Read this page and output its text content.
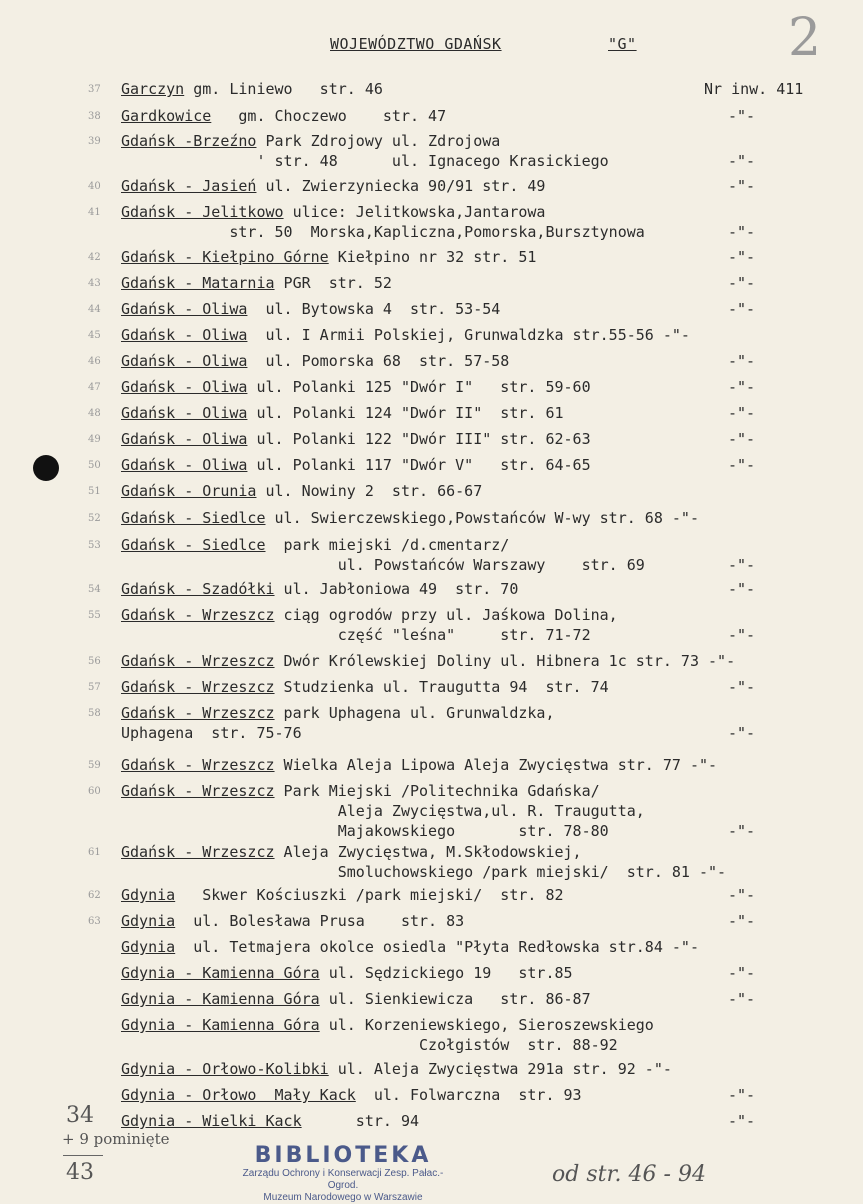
WOJEWÓDZTWO GDAŃSK	"G"	2
37 Garczyn gm. Liniewo   str. 46	Nr inw. 411
38 Gardkowice   gm. Choczewo    str. 47	-"-
39 Gdańsk -Brzeźno Park Zdrojowy ul. Zdrojowa
' str. 48      ul. Ignacego Krasickiego	-"-
40 Gdańsk - Jasień ul. Zwierzyniecka 90/91 str. 49	-"-
41 Gdańsk - Jelitkowo ulice: Jelitkowska,Jantarowa
str. 50  Morska,Kapliczna,Pomorska,Bursztynowa	-"-
42 Gdańsk - Kiełpino Górne Kiełpino nr 32 str. 51	-"-
43 Gdańsk - Matarnia PGR  str. 52	-"-
44 Gdańsk - Oliwa  ul. Bytowska 4  str. 53-54	-"-
45 Gdańsk - Oliwa  ul. I Armii Polskiej, Grunwaldzka str.55-56 -"-
46 Gdańsk - Oliwa  ul. Pomorska 68  str. 57-58	-"-
47 Gdańsk - Oliwa ul. Polanki 125 "Dwór I"   str. 59-60	-"-
48 Gdańsk - Oliwa ul. Polanki 124 "Dwór II"  str. 61	-"-
49 Gdańsk - Oliwa ul. Polanki 122 "Dwór III" str. 62-63	-"-
50 Gdańsk - Oliwa ul. Polanki 117 "Dwór V"   str. 64-65	-"-
51 Gdańsk - Orunia ul. Nowiny 2  str. 66-67
52 Gdańsk - Siedlce ul. Swierczewskiego,Powstańców W-wy str. 68 -"-
53 Gdańsk - Siedlce  park miejski /d.cmentarz/
ul. Powstańców Warszawy    str. 69	-"-
54 Gdańsk - Szadółki ul. Jabłoniowa 49  str. 70	-"-
55 Gdańsk - Wrzeszcz ciąg ogrodów przy ul. Jaśkowa Dolina,
część "leśna"     str. 71-72	-"-
56 Gdańsk - Wrzeszcz Dwór Królewskiej Doliny ul. Hibnera 1c str. 73 -"-
57 Gdańsk - Wrzeszcz Studzienka ul. Traugutta 94  str. 74	-"-
58 Gdańsk - Wrzeszcz park Uphagena ul. Grunwaldzka,
Uphagena  str. 75-76	-"-
59 Gdańsk - Wrzeszcz Wielka Aleja Lipowa Aleja Zwycięstwa str. 77 -"-
60 Gdańsk - Wrzeszcz Park Miejski /Politechnika Gdańska/
Aleja Zwycięstwa,ul. R. Traugutta,
Majakowskiego       str. 78-80	-"-
61 Gdańsk - Wrzeszcz Aleja Zwycięstwa, M.Skłodowskiej,
Smoluchowskiego /park miejski/  str. 81 -"-
62 Gdynia   Skwer Kościuszki /park miejski/  str. 82	-"-
63 Gdynia  ul. Bolesława Prusa    str. 83	-"-
Gdynia  ul. Tetmajera okolce osiedla "Płyta Redłowska str.84 -"-
Gdynia - Kamienna Góra ul. Sędzickiego 19   str.85	-"-
Gdynia - Kamienna Góra ul. Sienkiewicza   str. 86-87	-"-
Gdynia - Kamienna Góra ul. Korzeniewskiego, Sieroszewskiego
Czołgistów  str. 88-92
Gdynia - Orłowo-Kolibki ul. Aleja Zwycięstwa 291a str. 92 -"-
Gdynia - Orłowo  Mały Kack  ul. Folwarczna  str. 93	-"-
Gdynia - Wielki Kack      str. 94	-"-
34
+ 9 pominięte
43	od str. 46 - 94
BIBLIOTEKA
Zarządu Ochrony i Konserwacji Zesp. Pałac.-Ogrod.
Muzeum Narodowego w Warszawie
